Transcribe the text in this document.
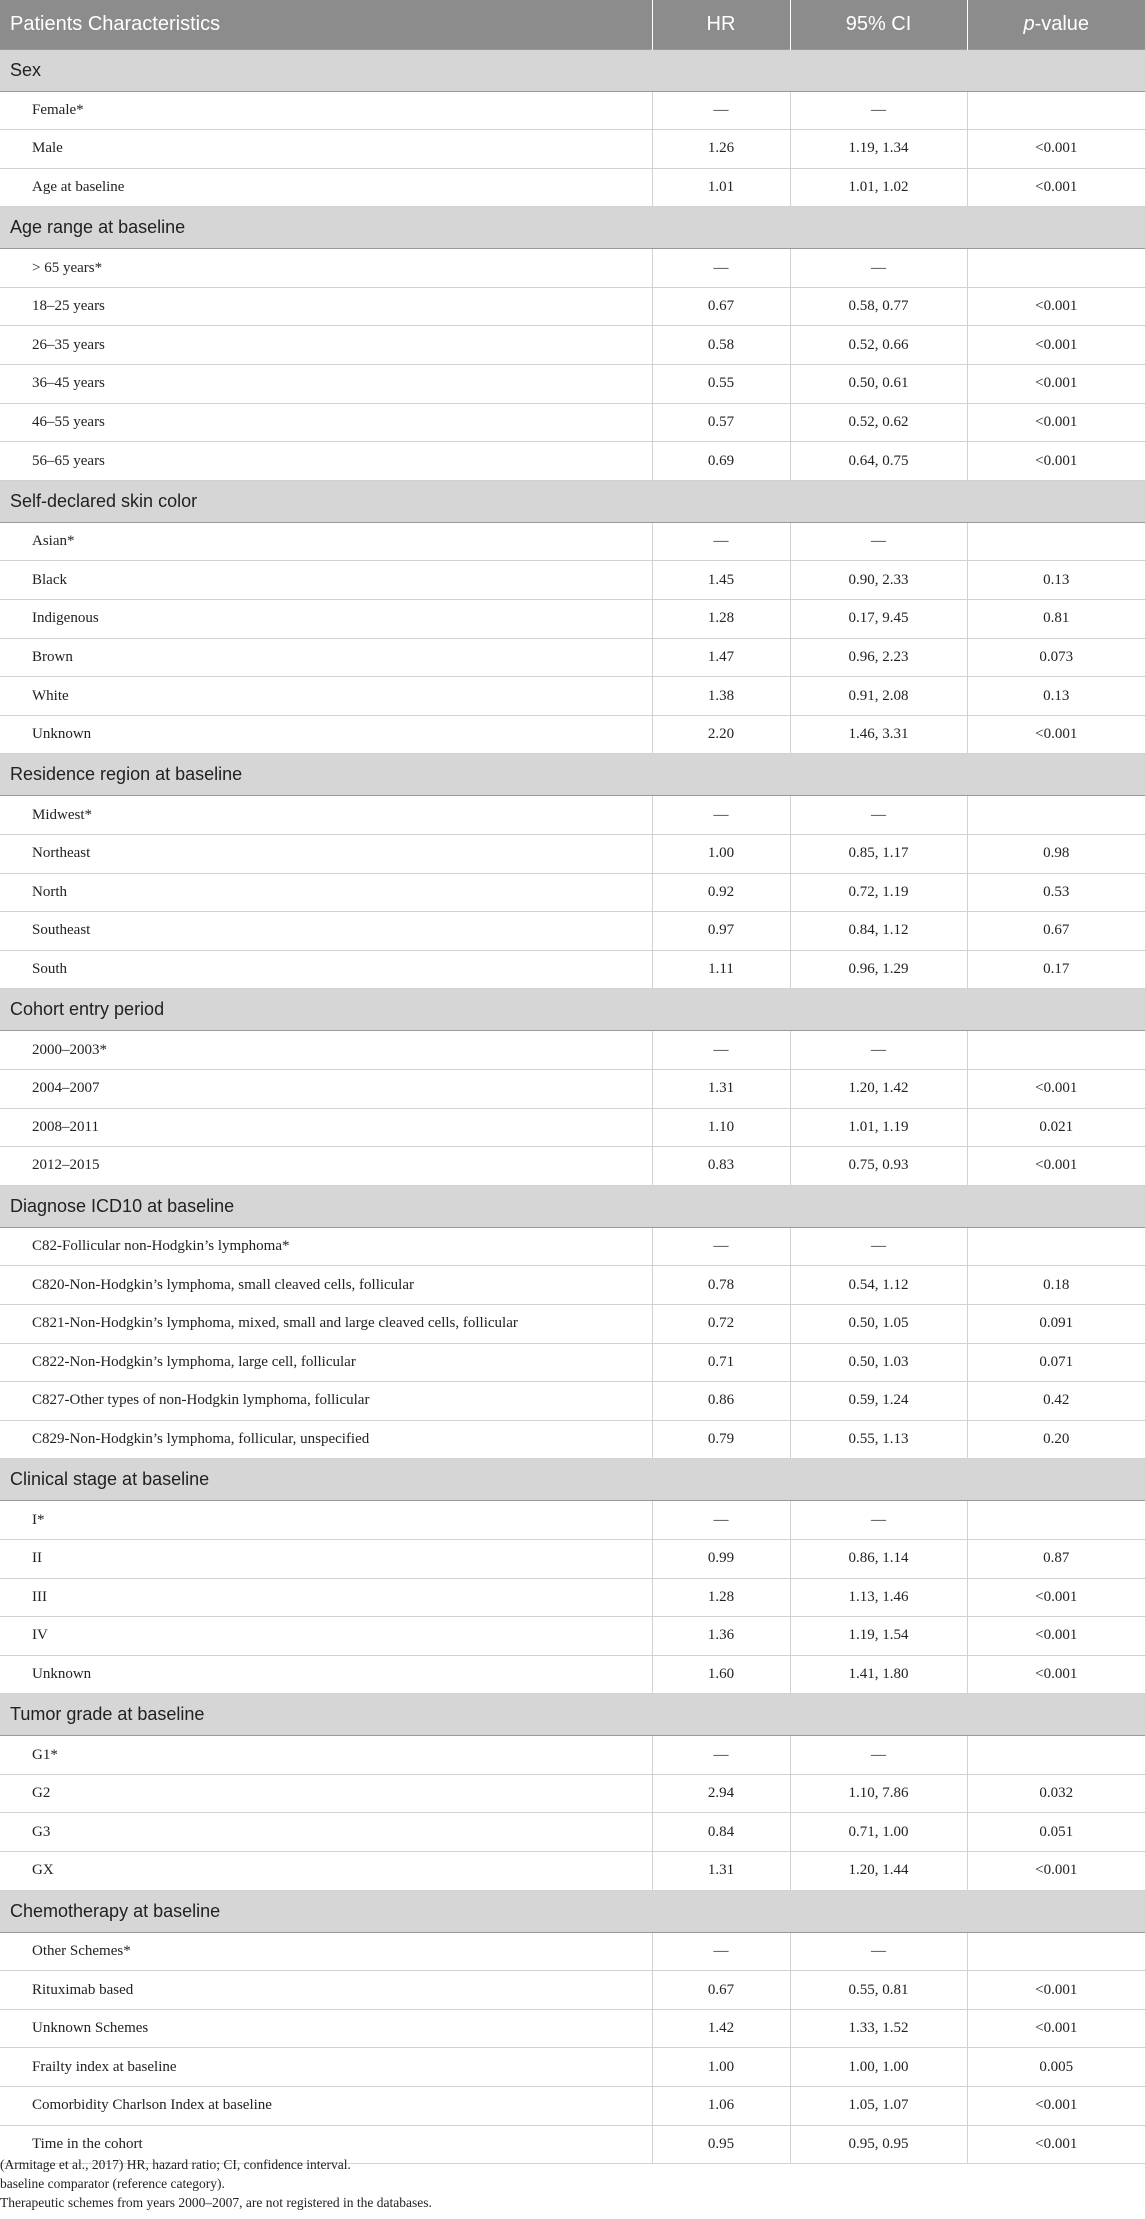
Patients Characteristics	HR	95% CI	p-value
Sex			
Female*	—	—	
Male	1.26	1.19, 1.34	<0.001
Age at baseline	1.01	1.01, 1.02	<0.001
Age range at baseline			
> 65 years*	—	—	
18–25 years	0.67	0.58, 0.77	<0.001
26–35 years	0.58	0.52, 0.66	<0.001
36–45 years	0.55	0.50, 0.61	<0.001
46–55 years	0.57	0.52, 0.62	<0.001
56–65 years	0.69	0.64, 0.75	<0.001
Self-declared skin color			
Asian*	—	—	
Black	1.45	0.90, 2.33	0.13
Indigenous	1.28	0.17, 9.45	0.81
Brown	1.47	0.96, 2.23	0.073
White	1.38	0.91, 2.08	0.13
Unknown	2.20	1.46, 3.31	<0.001
Residence region at baseline			
Midwest*	—	—	
Northeast	1.00	0.85, 1.17	0.98
North	0.92	0.72, 1.19	0.53
Southeast	0.97	0.84, 1.12	0.67
South	1.11	0.96, 1.29	0.17
Cohort entry period			
2000–2003*	—	—	
2004–2007	1.31	1.20, 1.42	<0.001
2008–2011	1.10	1.01, 1.19	0.021
2012–2015	0.83	0.75, 0.93	<0.001
Diagnose ICD10 at baseline			
C82-Follicular non-Hodgkin’s lymphoma*	—	—	
C820-Non-Hodgkin’s lymphoma, small cleaved cells, follicular	0.78	0.54, 1.12	0.18
C821-Non-Hodgkin’s lymphoma, mixed, small and large cleaved cells, follicular	0.72	0.50, 1.05	0.091
C822-Non-Hodgkin’s lymphoma, large cell, follicular	0.71	0.50, 1.03	0.071
C827-Other types of non-Hodgkin lymphoma, follicular	0.86	0.59, 1.24	0.42
C829-Non-Hodgkin’s lymphoma, follicular, unspecified	0.79	0.55, 1.13	0.20
Clinical stage at baseline			
I*	—	—	
II	0.99	0.86, 1.14	0.87
III	1.28	1.13, 1.46	<0.001
IV	1.36	1.19, 1.54	<0.001
Unknown	1.60	1.41, 1.80	<0.001
Tumor grade at baseline			
G1*	—	—	
G2	2.94	1.10, 7.86	0.032
G3	0.84	0.71, 1.00	0.051
GX	1.31	1.20, 1.44	<0.001
Chemotherapy at baseline			
Other Schemes*	—	—	
Rituximab based	0.67	0.55, 0.81	<0.001
Unknown Schemes	1.42	1.33, 1.52	<0.001
Frailty index at baseline	1.00	1.00, 1.00	0.005
Comorbidity Charlson Index at baseline	1.06	1.05, 1.07	<0.001
Time in the cohort	0.95	0.95, 0.95	<0.001
(Armitage et al., 2017) HR, hazard ratio; CI, confidence interval.
baseline comparator (reference category).
Therapeutic schemes from years 2000–2007, are not registered in the databases.
